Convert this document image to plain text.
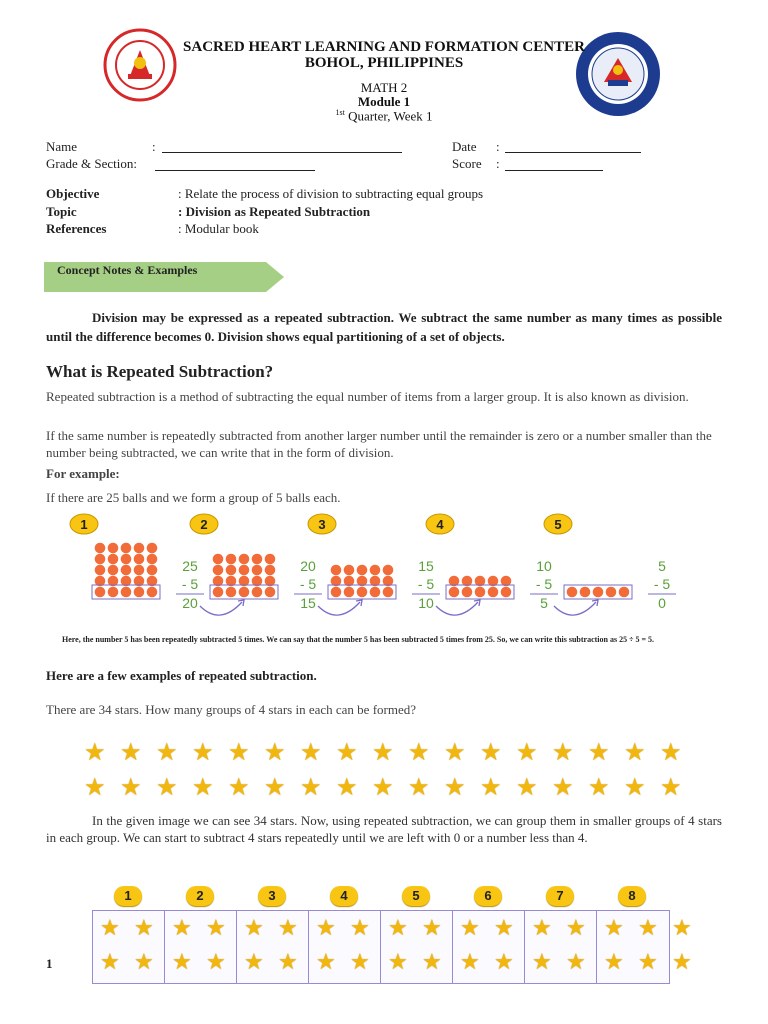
SACRED HEART LEARNING AND FORMATION CENTER
BOHOL, PHILIPPINES
MATH 2
Module 1
$^{1st}$ Quarter, Week 1
Name	:
Grade & Section:
Date :
Score :
Objective	: Relate the process of division to subtracting equal groups
Topic	: Division as Repeated Subtraction
References	: Modular book
Concept Notes & Examples
Division may be expressed as a repeated subtraction. We subtract the same number as many times as possible until the difference becomes 0. Division shows equal partitioning of a set of objects.
What is Repeated Subtraction?
Repeated subtraction is a method of subtracting the equal number of items from a larger group. It is also known as division.
If the same number is repeatedly subtracted from another larger number until the remainder is zero or a number smaller than the number being subtracted, we can write that in the form of division.
For example:
If there are 25 balls and we form a group of 5 balls each.
1
25
- 5
20
2
20
- 5
15
3
15
- 5
10
4
10
- 5
5
5
5
- 5
0
Here, the number 5 has been repeatedly subtracted 5 times. We can say that the number 5 has been subtracted 5 times from 25. So, we can write this subtraction as 25 ÷ 5 = 5.
Here are a few examples of repeated subtraction.
There are 34 stars. How many groups of 4 stars in each can be formed?
★ ★ ★ ★ ★ ★ ★ ★ ★ ★ ★ ★ ★ ★ ★ ★ ★
★ ★ ★ ★ ★ ★ ★ ★ ★ ★ ★ ★ ★ ★ ★ ★ ★
In the given image we can see 34 stars. Now, using repeated subtraction, we can group them in smaller groups of 4 stars in each group. We can start to subtract 4 stars repeatedly until we are left with 0 or a number less than 4.
1
★ ★
★ ★
2
★ ★
★ ★
3
★ ★
★ ★
4
★ ★
★ ★
5
★ ★
★ ★
6
★ ★
★ ★
7
★ ★
★ ★
8
★ ★
★ ★
★
★
1
